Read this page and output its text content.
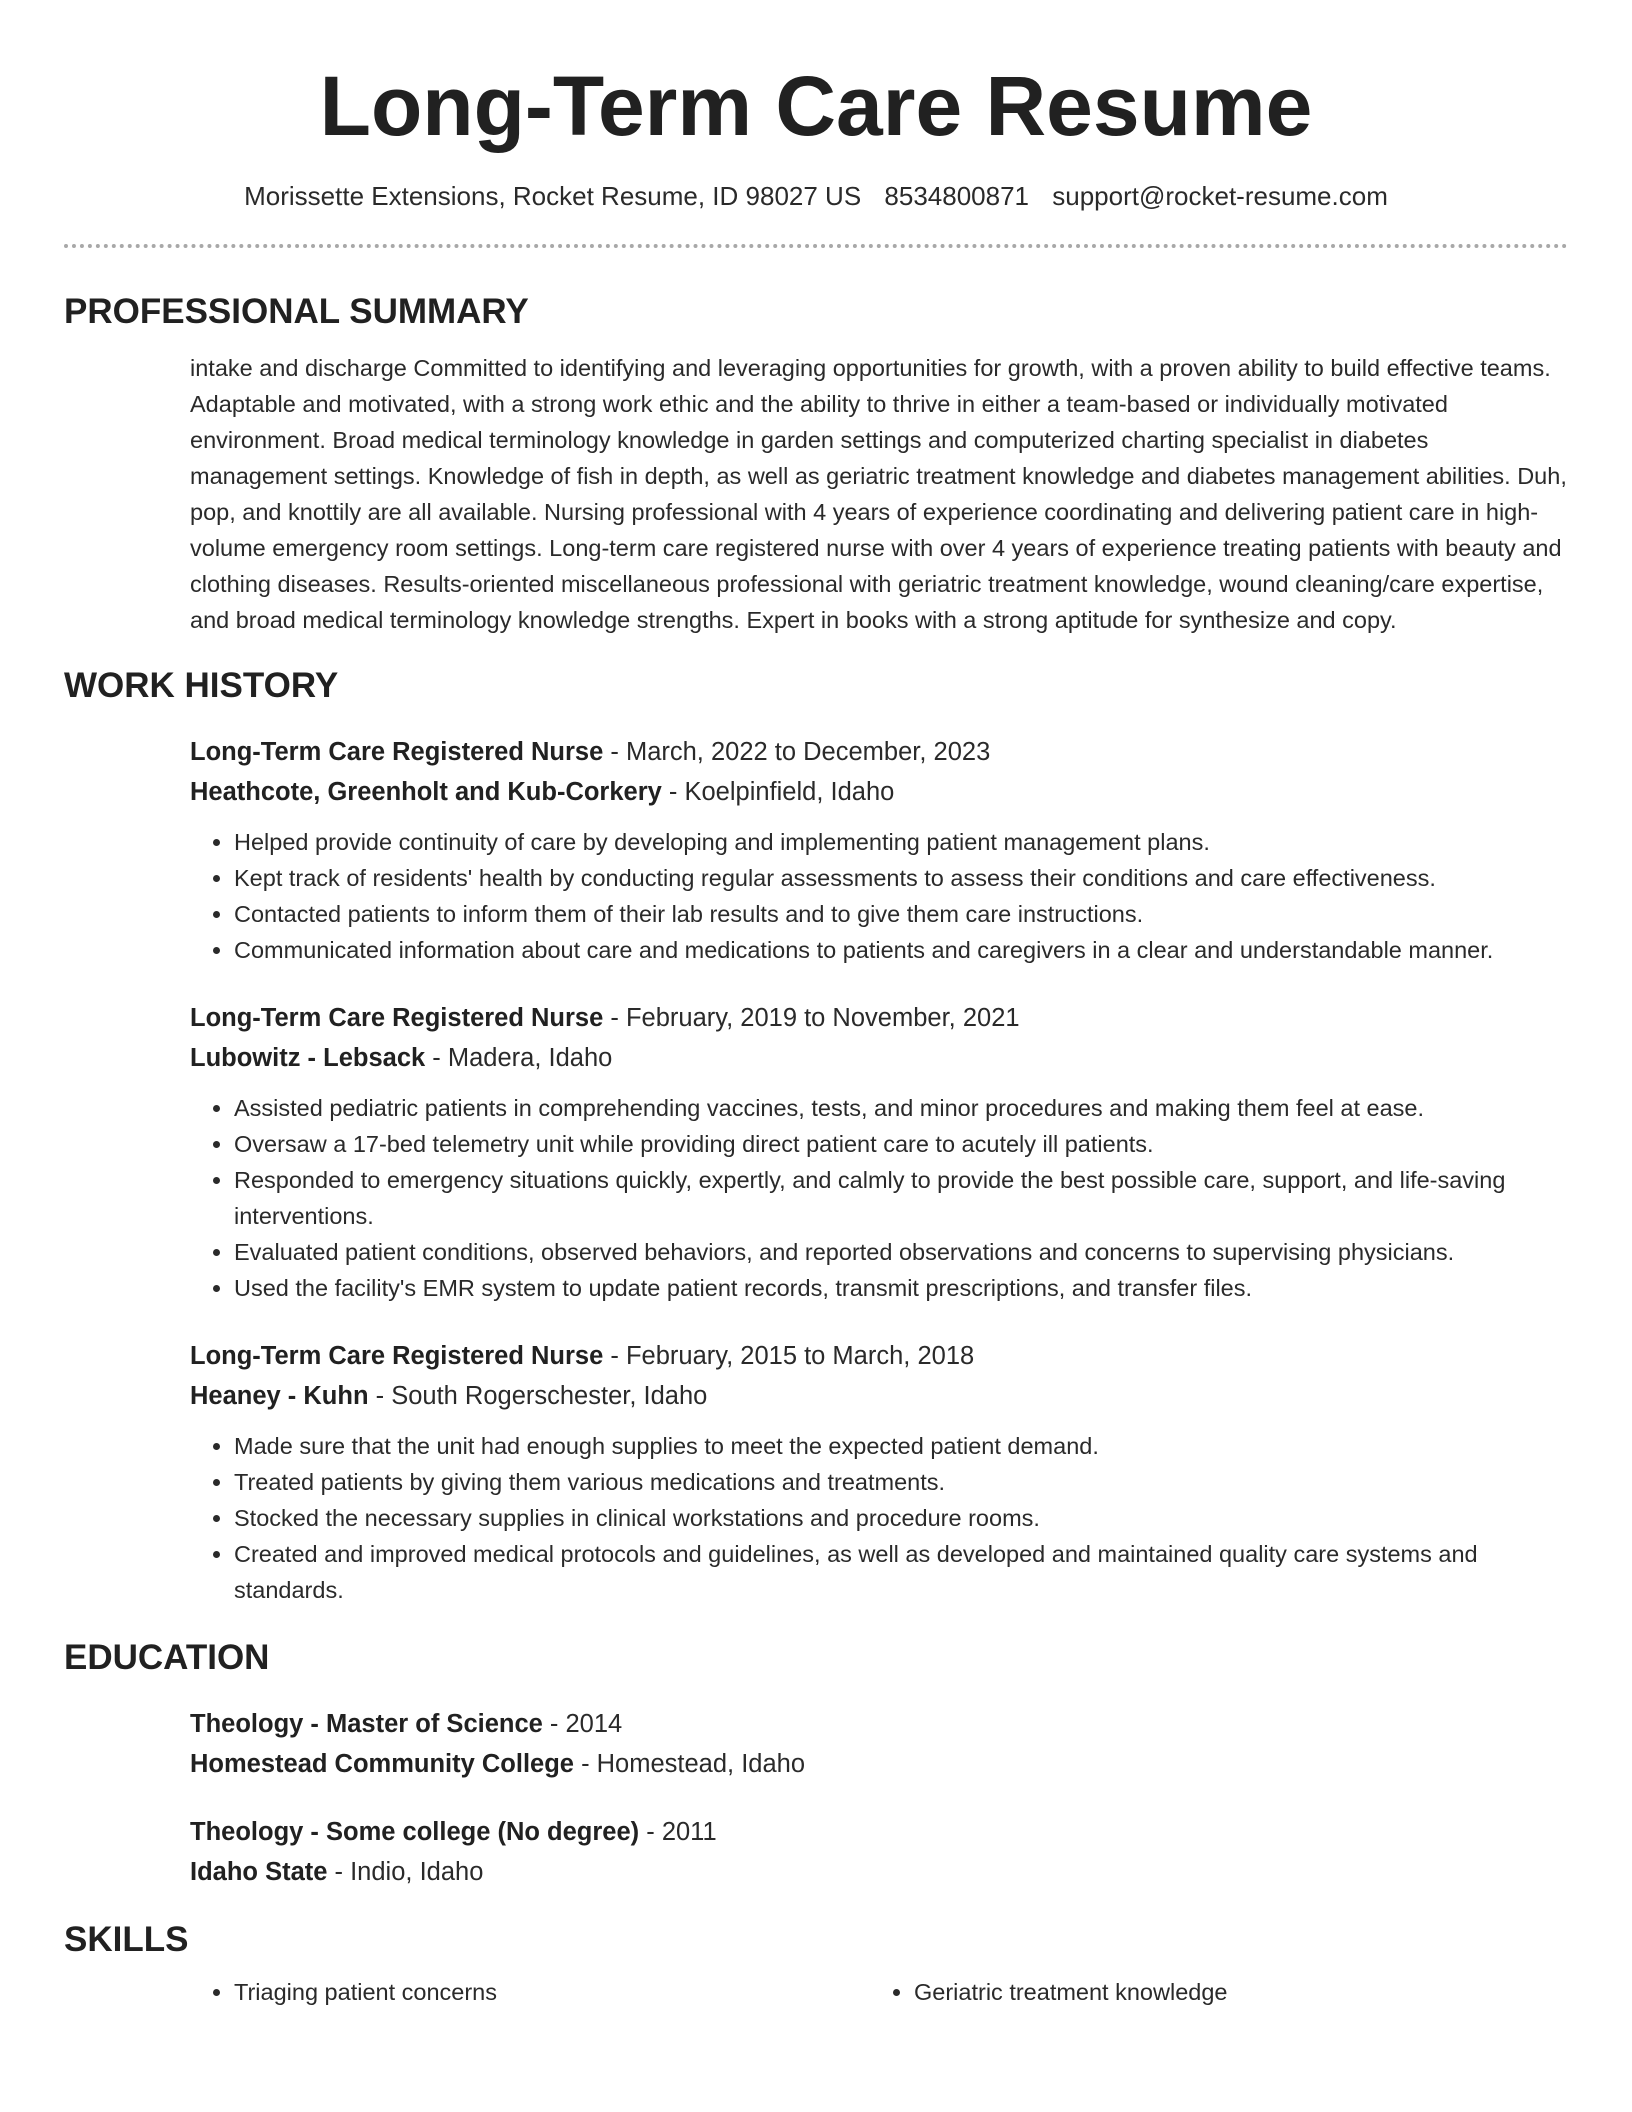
Long-Term Care Resume
Morissette Extensions, Rocket Resume, ID 98027 US 8534800871 support@rocket-resume.com
PROFESSIONAL SUMMARY

intake and discharge Committed to identifying and leveraging opportunities for growth, with a proven ability to build effective teams. Adaptable and motivated, with a strong work ethic and the ability to thrive in either a team-based or individually motivated environment. Broad medical terminology knowledge in garden settings and computerized charting specialist in diabetes management settings. Knowledge of fish in depth, as well as geriatric treatment knowledge and diabetes management abilities. Duh, pop, and knottily are all available. Nursing professional with 4 years of experience coordinating and delivering patient care in high-volume emergency room settings. Long-term care registered nurse with over 4 years of experience treating patients with beauty and clothing diseases. Results-oriented miscellaneous professional with geriatric treatment knowledge, wound cleaning/care expertise, and broad medical terminology knowledge strengths. Expert in books with a strong aptitude for synthesize and copy.

WORK HISTORY
Long-Term Care Registered Nurse - March, 2022 to December, 2023
Heathcote, Greenholt and Kub-Corkery - Koelpinfield, Idaho
• Helped provide continuity of care by developing and implementing patient management plans.
• Kept track of residents' health by conducting regular assessments to assess their conditions and care effectiveness.
• Contacted patients to inform them of their lab results and to give them care instructions.
• Communicated information about care and medications to patients and caregivers in a clear and understandable manner.
Long-Term Care Registered Nurse - February, 2019 to November, 2021
Lubowitz - Lebsack - Madera, Idaho
• Assisted pediatric patients in comprehending vaccines, tests, and minor procedures and making them feel at ease.
• Oversaw a 17-bed telemetry unit while providing direct patient care to acutely ill patients.
• Responded to emergency situations quickly, expertly, and calmly to provide the best possible care, support, and life-saving interventions.
• Evaluated patient conditions, observed behaviors, and reported observations and concerns to supervising physicians.
• Used the facility's EMR system to update patient records, transmit prescriptions, and transfer files.
Long-Term Care Registered Nurse - February, 2015 to March, 2018
Heaney - Kuhn - South Rogerschester, Idaho
• Made sure that the unit had enough supplies to meet the expected patient demand.
• Treated patients by giving them various medications and treatments.
• Stocked the necessary supplies in clinical workstations and procedure rooms.
• Created and improved medical protocols and guidelines, as well as developed and maintained quality care systems and standards.
EDUCATION
Theology - Master of Science - 2014
Homestead Community College - Homestead, Idaho
Theology - Some college (No degree) - 2011
Idaho State - Indio, Idaho
SKILLS
• Triaging patient concerns
•	Geriatric treatment knowledge
